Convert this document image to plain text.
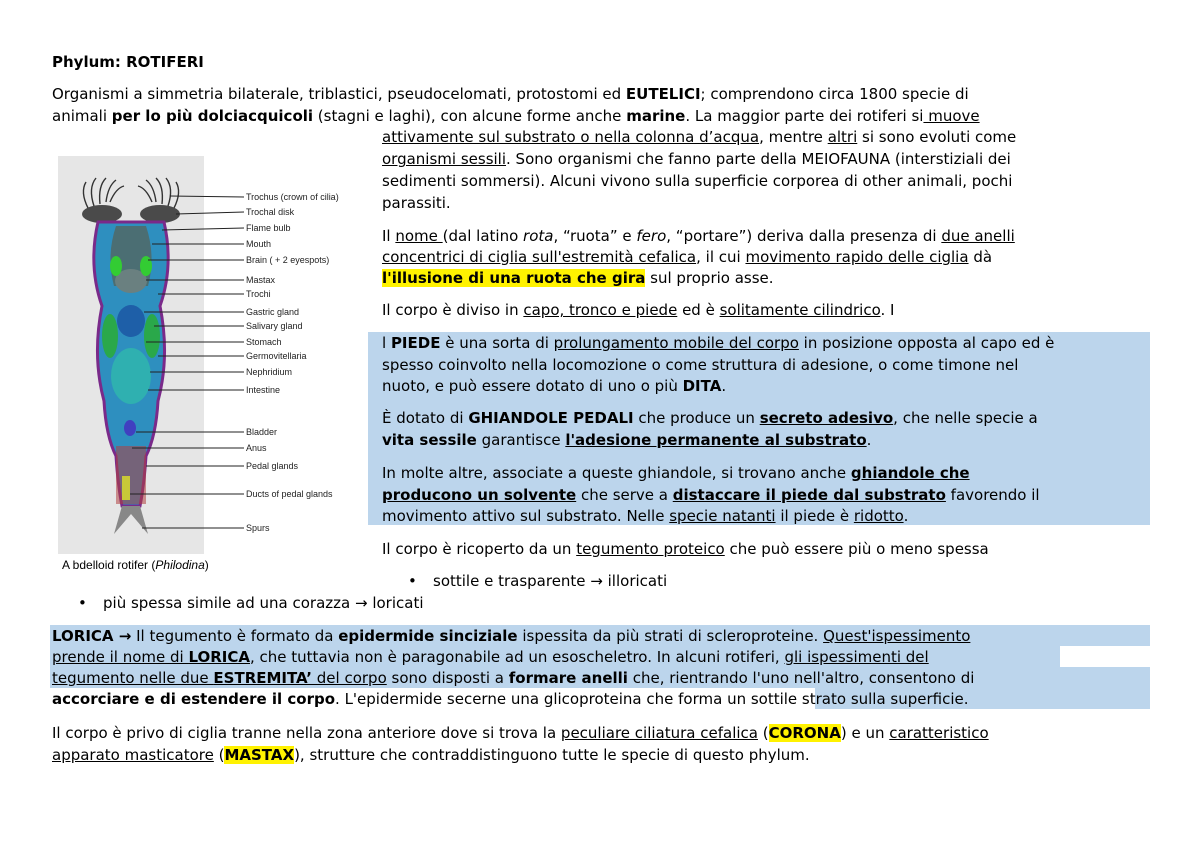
Phylum: ROTIFERI
Organismi a simmetria bilaterale, triblastici, pseudocelomati, protostomi ed EUTELICI; comprendono circa 1800 specie di
animali per lo più dolciacquicoli (stagni e laghi), con alcune forme anche marine. La maggior parte dei rotiferi si muove
attivamente sul substrato o nella colonna d’acqua, mentre altri si sono evoluti come
organismi sessili. Sono organismi che fanno parte della MEIOFAUNA (interstiziali dei
sedimenti sommersi). Alcuni vivono sulla superficie corporea di other animali, pochi
parassiti.
Il nome (dal latino rota, “ruota” e fero, “portare”) deriva dalla presenza di due anelli
concentrici di ciglia sull'estremità cefalica, il cui movimento rapido delle ciglia dà
l'illusione di una ruota che gira sul proprio asse.
Il corpo è diviso in capo, tronco e piede ed è solitamente cilindrico. I
l PIEDE è una sorta di prolungamento mobile del corpo in posizione opposta al capo ed è
spesso coinvolto nella locomozione o come struttura di adesione, o come timone nel
nuoto, e può essere dotato di uno o più DITA.
È dotato di GHIANDOLE PEDALI che produce un secreto adesivo, che nelle specie a
vita sessile garantisce l'adesione permanente al substrato.
In molte altre, associate a queste ghiandole, si trovano anche ghiandole che
producono un solvente che serve a distaccare il piede dal substrato favorendo il
movimento attivo sul substrato. Nelle specie natanti il piede è ridotto.
Il corpo è ricoperto da un tegumento proteico che può essere più o meno spessa
• sottile e trasparente → illoricati
• più spessa simile ad una corazza → loricati
LORICA → Il tegumento è formato da epidermide sinciziale ispessita da più strati di scleroproteine. Quest'ispessimento
prende il nome di LORICA, che tuttavia non è paragonabile ad un esoscheletro. In alcuni rotiferi, gli ispessimenti del
tegumento nelle due ESTREMITA’ del corpo sono disposti a formare anelli che, rientrando l'uno nell'altro, consentono di
accorciare e di estendere il corpo. L'epidermide secerne una glicoproteina che forma un sottile strato sulla superficie.
Il corpo è privo di ciglia tranne nella zona anteriore dove si trova la peculiare ciliatura cefalica (CORONA) e un caratteristico
apparato masticatore (MASTAX), strutture che contraddistinguono tutte le specie di questo phylum.
Trochus (crown of cilia)
Trochal disk
Flame bulb
Mouth
Brain ( + 2 eyespots)
Mastax
Trochi
Gastric gland
Salivary gland
Stomach
Germovitellaria
Nephridium
Intestine
Bladder
Anus
Pedal glands
Ducts of pedal glands
Spurs
A bdelloid rotifer (Philodina)
